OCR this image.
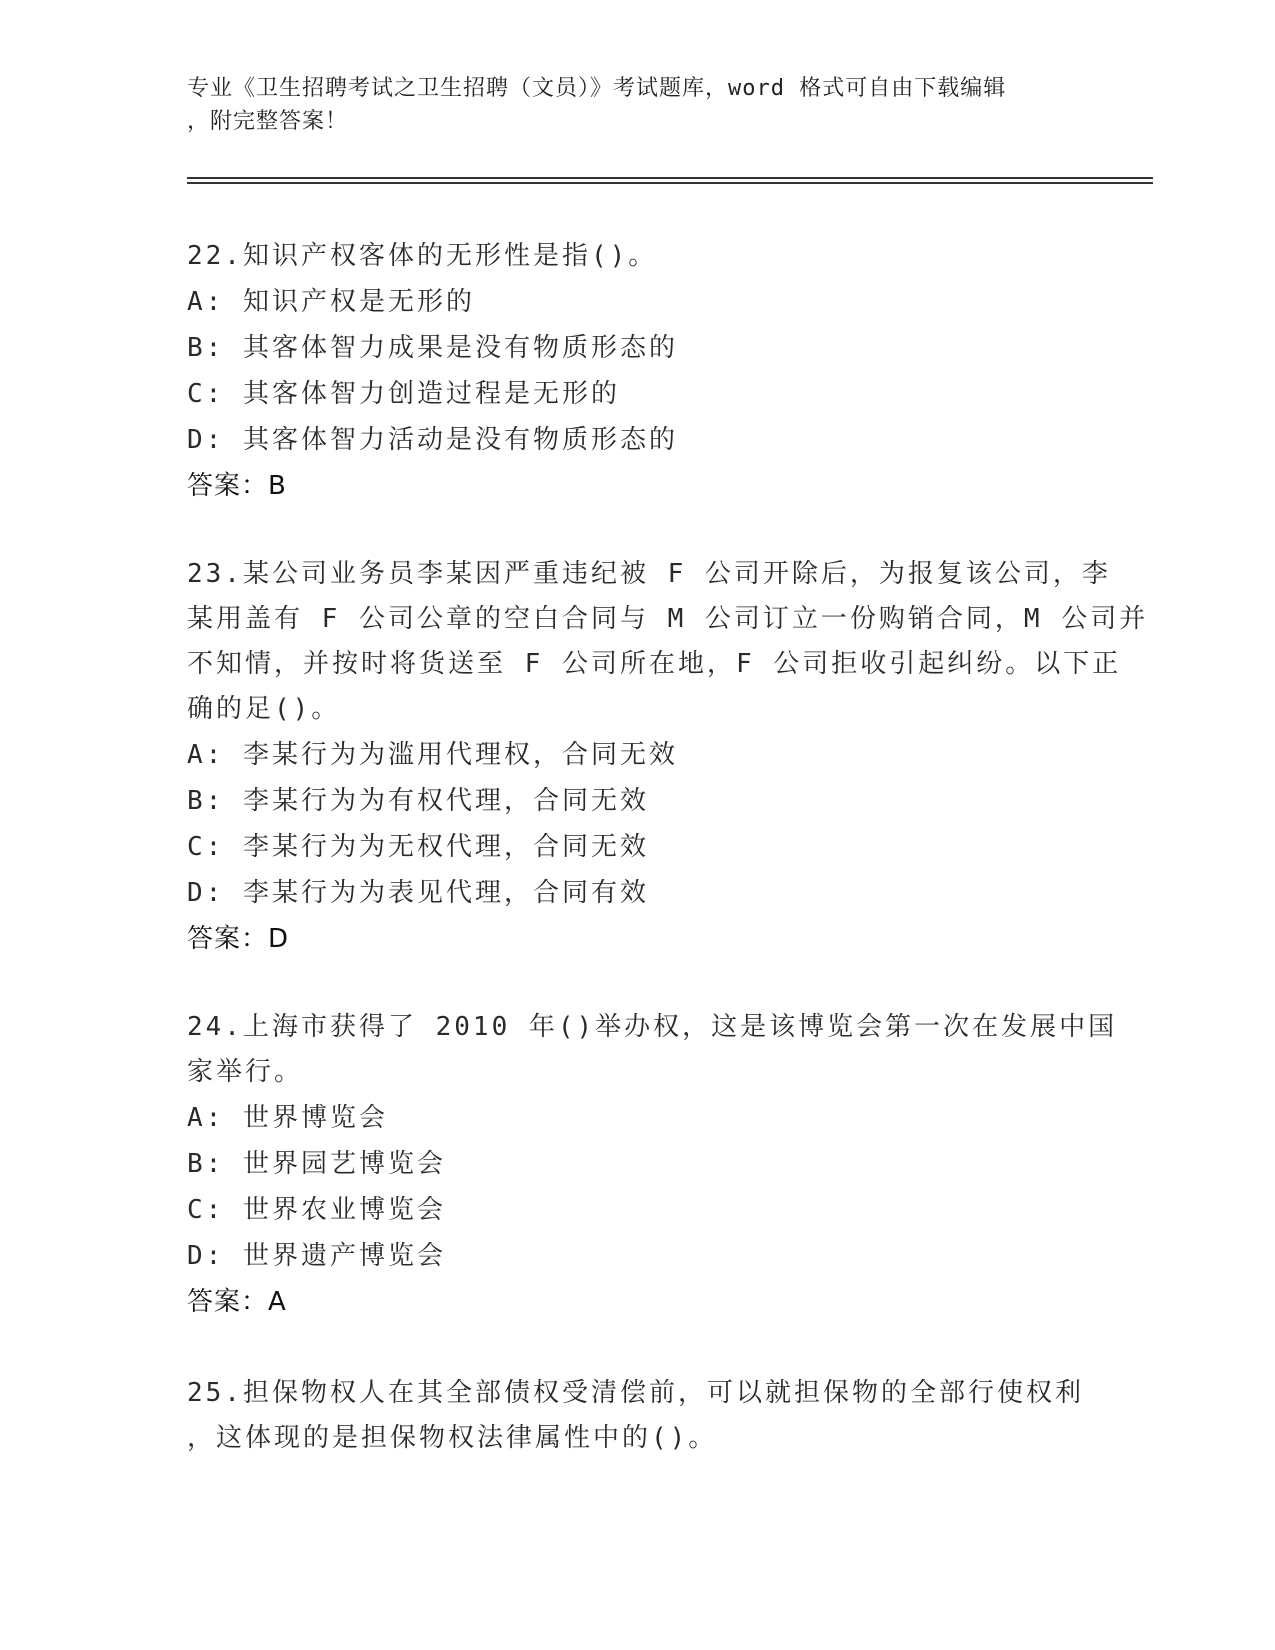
专业《卫生招聘考试之卫生招聘（文员）》考试题库，word 格式可自由下载编辑
，附完整答案！
22.知识产权客体的无形性是指()。
A: 知识产权是无形的
B: 其客体智力成果是没有物质形态的
C: 其客体智力创造过程是无形的
D: 其客体智力活动是没有物质形态的
答案：B
23.某公司业务员李某因严重违纪被 F 公司开除后，为报复该公司，李
某用盖有 F 公司公章的空白合同与 M 公司订立一份购销合同，M 公司并
不知情，并按时将货送至 F 公司所在地，F 公司拒收引起纠纷。以下正
确的足()。
A: 李某行为为滥用代理权，合同无效
B: 李某行为为有权代理，合同无效
C: 李某行为为无权代理，合同无效
D: 李某行为为表见代理，合同有效
答案：D
24.上海市获得了 2010 年()举办权，这是该博览会第一次在发展中国
家举行。
A: 世界博览会
B: 世界园艺博览会
C: 世界农业博览会
D: 世界遗产博览会
答案：A
25.担保物权人在其全部债权受清偿前，可以就担保物的全部行使权利
，这体现的是担保物权法律属性中的()。
